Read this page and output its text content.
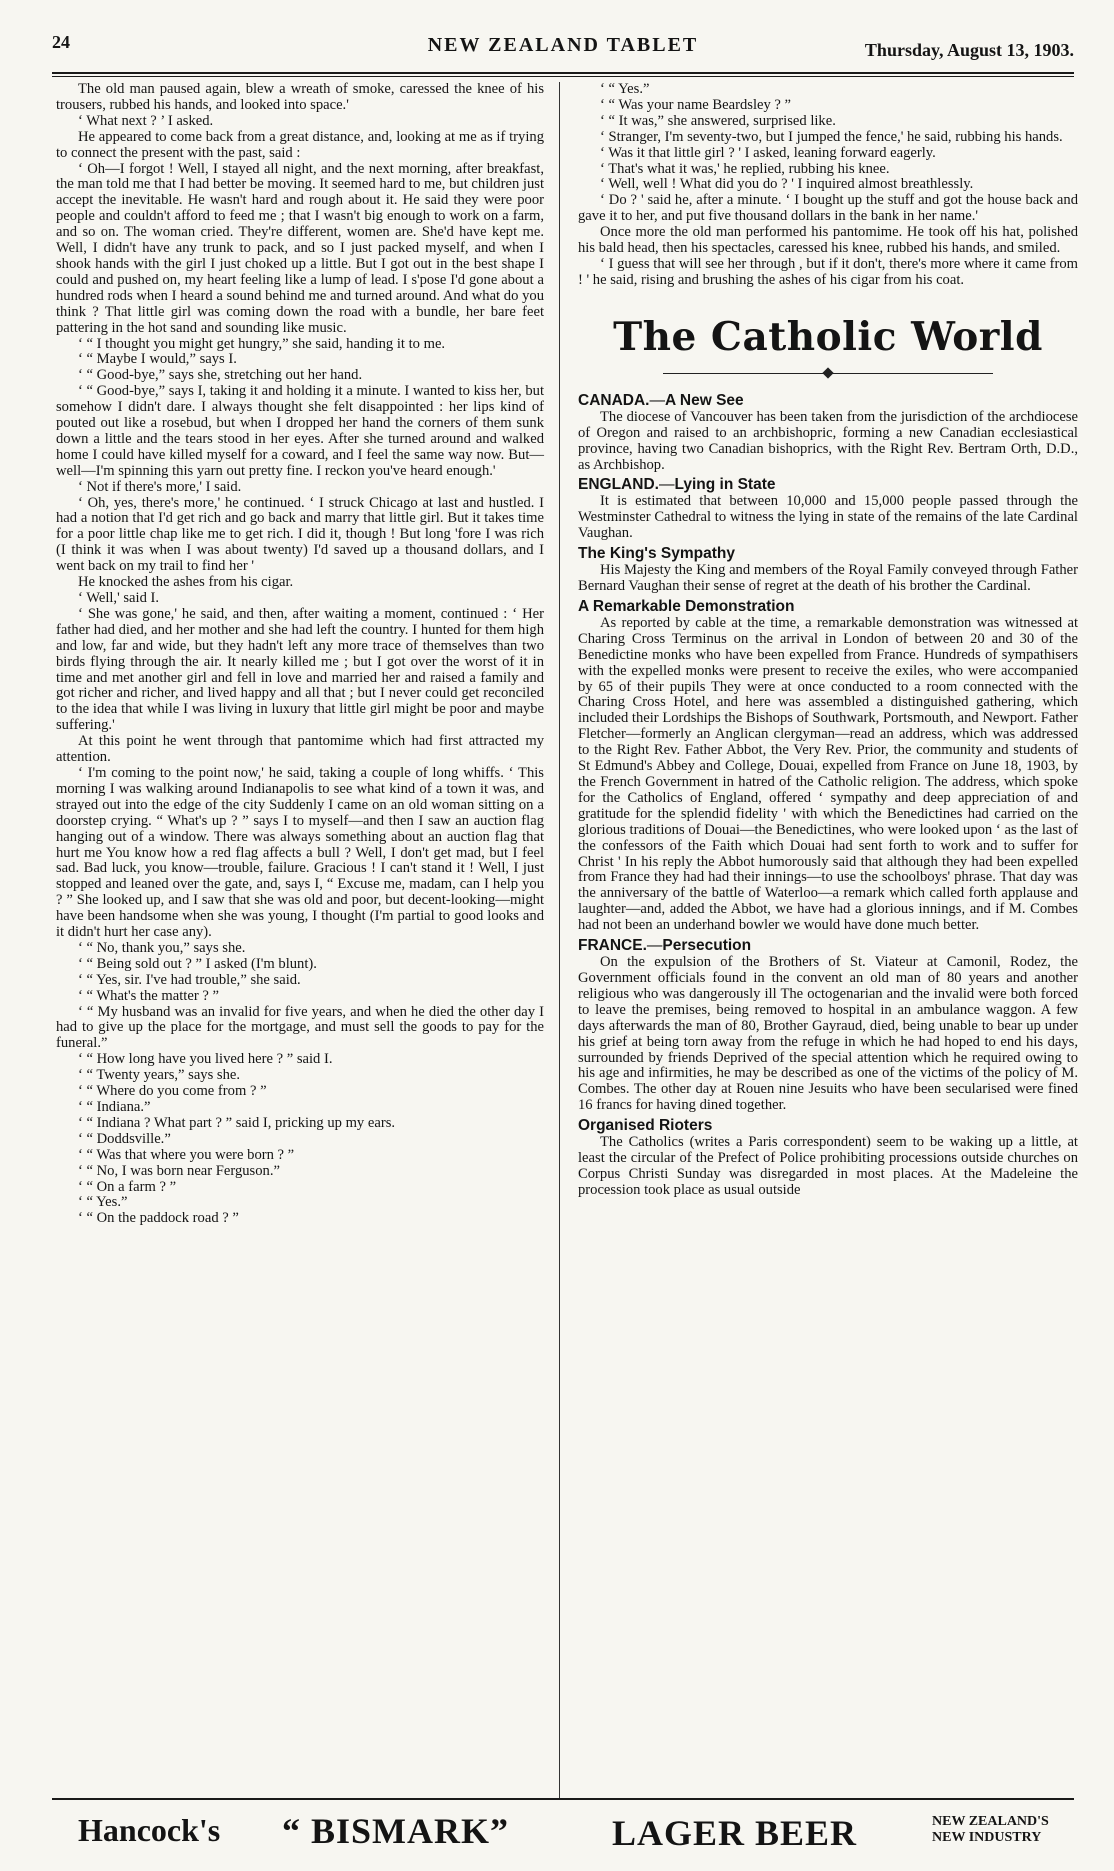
24	NEW ZEALAND TABLET	Thursday, August 13, 1903.

The old man paused again, blew a wreath of smoke, caressed the knee of his trousers, rubbed his hands, and looked into space.'

‘ What next ? ’ I asked.

He appeared to come back from a great distance, and, looking at me as if trying to connect the present with the past, said :

‘ Oh—I forgot ! Well, I stayed all night, and the next morning, after breakfast, the man told me that I had better be moving. It seemed hard to me, but children just accept the inevitable. He wasn't hard and rough about it. He said they were poor people and couldn't afford to feed me ; that I wasn't big enough to work on a farm, and so on. The woman cried. They're different, women are. She'd have kept me. Well, I didn't have any trunk to pack, and so I just packed myself, and when I shook hands with the girl I just choked up a little. But I got out in the best shape I could and pushed on, my heart feeling like a lump of lead. I s'pose I'd gone about a hundred rods when I heard a sound behind me and turned around. And what do you think ? That little girl was coming down the road with a bundle, her bare feet pattering in the hot sand and sounding like music.

‘ “ I thought you might get hungry,” she said, handing it to me.

‘ “ Maybe I would,” says I.

‘ “ Good-bye,” says she, stretching out her hand.

‘ “ Good-bye,” says I, taking it and holding it a minute. I wanted to kiss her, but somehow I didn't dare. I always thought she felt disappointed : her lips kind of pouted out like a rosebud, but when I dropped her hand the corners of them sunk down a little and the tears stood in her eyes. After she turned around and walked home I could have killed myself for a coward, and I feel the same way now. But—well—I'm spinning this yarn out pretty fine. I reckon you've heard enough.'

‘ Not if there's more,' I said.

‘ Oh, yes, there's more,' he continued. ‘ I struck Chicago at last and hustled. I had a notion that I'd get rich and go back and marry that little girl. But it takes time for a poor little chap like me to get rich. I did it, though ! But long 'fore I was rich (I think it was when I was about twenty) I'd saved up a thousand dollars, and I went back on my trail to find her '

He knocked the ashes from his cigar.

‘ Well,' said I.

‘ She was gone,' he said, and then, after waiting a moment, continued : ‘ Her father had died, and her mother and she had left the country. I hunted for them high and low, far and wide, but they hadn't left any more trace of themselves than two birds flying through the air. It nearly killed me ; but I got over the worst of it in time and met another girl and fell in love and married her and raised a family and got richer and richer, and lived happy and all that ; but I never could get reconciled to the idea that while I was living in luxury that little girl might be poor and maybe suffering.'

At this point he went through that pantomime which had first attracted my attention.

‘ I'm coming to the point now,' he said, taking a couple of long whiffs. ‘ This morning I was walking around Indianapolis to see what kind of a town it was, and strayed out into the edge of the city Suddenly I came on an old woman sitting on a doorstep crying. “ What's up ? ” says I to myself—and then I saw an auction flag hanging out of a window. There was always something about an auction flag that hurt me You know how a red flag affects a bull ? Well, I don't get mad, but I feel sad. Bad luck, you know—trouble, failure. Gracious ! I can't stand it ! Well, I just stopped and leaned over the gate, and, says I, “ Excuse me, madam, can I help you ? ” She looked up, and I saw that she was old and poor, but decent-looking—might have been handsome when she was young, I thought (I'm partial to good looks and it didn't hurt her case any).

‘ “ No, thank you,” says she.

‘ “ Being sold out ? ” I asked (I'm blunt).

‘ “ Yes, sir. I've had trouble,” she said.

‘ “ What's the matter ? ”

‘ “ My husband was an invalid for five years, and when he died the other day I had to give up the place for the mortgage, and must sell the goods to pay for the funeral.”

‘ “ How long have you lived here ? ” said I.

‘ “ Twenty years,” says she.

‘ “ Where do you come from ? ”

‘ “ Indiana.”

‘ “ Indiana ? What part ? ” said I, pricking up my ears.

‘ “ Doddsville.”

‘ “ Was that where you were born ? ”

‘ “ No, I was born near Ferguson.”

‘ “ On a farm ? ”

‘ “ Yes.”

‘ “ On the paddock road ? ”

‘ “ Yes.”

‘ “ Was your name Beardsley ? ”

‘ “ It was,” she answered, surprised like.

‘ Stranger, I'm seventy-two, but I jumped the fence,' he said, rubbing his hands.

‘ Was it that little girl ? ' I asked, leaning forward eagerly.

‘ That's what it was,' he replied, rubbing his knee.

‘ Well, well ! What did you do ? ' I inquired almost breathlessly.

‘ Do ? ' said he, after a minute. ‘ I bought up the stuff and got the house back and gave it to her, and put five thousand dollars in the bank in her name.'

Once more the old man performed his pantomime. He took off his hat, polished his bald head, then his spectacles, caressed his knee, rubbed his hands, and smiled.

‘ I guess that will see her through , but if it don't, there's more where it came from ! ' he said, rising and brushing the ashes of his cigar from his coat.

The Catholic World
CANADA.—A New See

The diocese of Vancouver has been taken from the jurisdiction of the archdiocese of Oregon and raised to an archbishopric, forming a new Canadian ecclesiastical province, having two Canadian bishoprics, with the Right Rev. Bertram Orth, D.D., as Archbishop.

ENGLAND.—Lying in State

It is estimated that between 10,000 and 15,000 people passed through the Westminster Cathedral to witness the lying in state of the remains of the late Cardinal Vaughan.

The King's Sympathy

His Majesty the King and members of the Royal Family conveyed through Father Bernard Vaughan their sense of regret at the death of his brother the Cardinal.

A Remarkable Demonstration

As reported by cable at the time, a remarkable demonstration was witnessed at Charing Cross Terminus on the arrival in London of between 20 and 30 of the Benedictine monks who have been expelled from France. Hundreds of sympathisers with the expelled monks were present to receive the exiles, who were accompanied by 65 of their pupils They were at once conducted to a room connected with the Charing Cross Hotel, and here was assembled a distinguished gathering, which included their Lordships the Bishops of Southwark, Portsmouth, and Newport. Father Fletcher—formerly an Anglican clergyman—read an address, which was addressed to the Right Rev. Father Abbot, the Very Rev. Prior, the community and students of St Edmund's Abbey and College, Douai, expelled from France on June 18, 1903, by the French Government in hatred of the Catholic religion. The address, which spoke for the Catholics of England, offered ‘ sympathy and deep appreciation of and gratitude for the splendid fidelity ' with which the Benedictines had carried on the glorious traditions of Douai—the Benedictines, who were looked upon ‘ as the last of the confessors of the Faith which Douai had sent forth to work and to suffer for Christ ' In his reply the Abbot humorously said that although they had been expelled from France they had had their innings—to use the schoolboys' phrase. That day was the anniversary of the battle of Waterloo—a remark which called forth applause and laughter—and, added the Abbot, we have had a glorious innings, and if M. Combes had not been an underhand bowler we would have done much better.

FRANCE.—Persecution

On the expulsion of the Brothers of St. Viateur at Camonil, Rodez, the Government officials found in the convent an old man of 80 years and another religious who was dangerously ill The octogenarian and the invalid were both forced to leave the premises, being removed to hospital in an ambulance waggon. A few days afterwards the man of 80, Brother Gayraud, died, being unable to bear up under his grief at being torn away from the refuge in which he had hoped to end his days, surrounded by friends Deprived of the special attention which he required owing to his age and infirmities, he may be described as one of the victims of the policy of M. Combes. The other day at Rouen nine Jesuits who have been secularised were fined 16 francs for having dined together.

Organised Rioters

The Catholics (writes a Paris correspondent) seem to be waking up a little, at least the circular of the Prefect of Police prohibiting processions outside churches on Corpus Christi Sunday was disregarded in most places. At the Madeleine the procession took place as usual outside

Hancock's “ BISMARK”	LAGER BEER	NEW ZEALAND'S
NEW INDUSTRY
